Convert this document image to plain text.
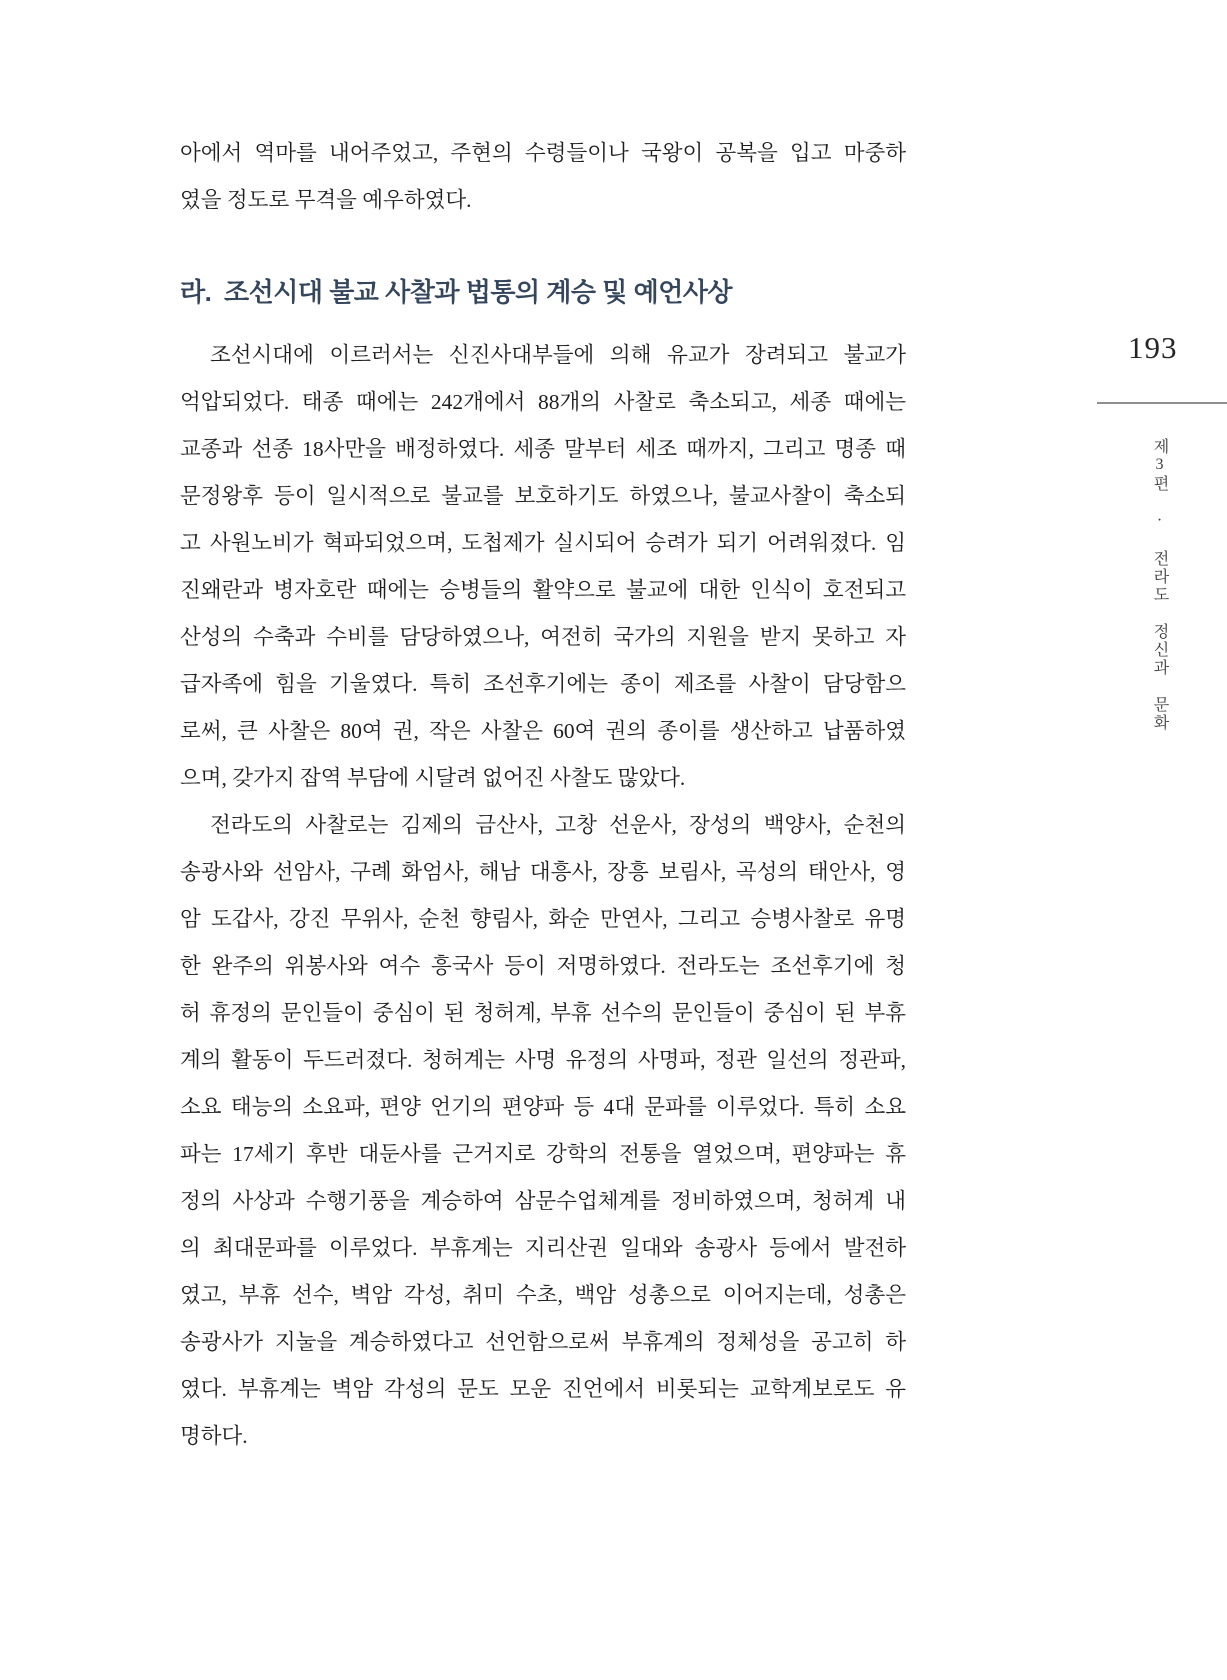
아에서 역마를 내어주었고, 주현의 수령들이나 국왕이 공복을 입고 마중하
였을 정도로 무격을 예우하였다.
라. 조선시대 불교 사찰과 법통의 계승 및 예언사상
조선시대에 이르러서는 신진사대부들에 의해 유교가 장려되고 불교가
억압되었다. 태종 때에는 242개에서 88개의 사찰로 축소되고, 세종 때에는
교종과 선종 18사만을 배정하였다. 세종 말부터 세조 때까지, 그리고 명종 때
문정왕후 등이 일시적으로 불교를 보호하기도 하였으나, 불교사찰이 축소되
고 사원노비가 혁파되었으며, 도첩제가 실시되어 승려가 되기 어려워졌다. 임
진왜란과 병자호란 때에는 승병들의 활약으로 불교에 대한 인식이 호전되고
산성의 수축과 수비를 담당하였으나, 여전히 국가의 지원을 받지 못하고 자
급자족에 힘을 기울였다. 특히 조선후기에는 종이 제조를 사찰이 담당함으
로써, 큰 사찰은 80여 권, 작은 사찰은 60여 권의 종이를 생산하고 납품하였
으며, 갖가지 잡역 부담에 시달려 없어진 사찰도 많았다.
전라도의 사찰로는 김제의 금산사, 고창 선운사, 장성의 백양사, 순천의
송광사와 선암사, 구례 화엄사, 해남 대흥사, 장흥 보림사, 곡성의 태안사, 영
암 도갑사, 강진 무위사, 순천 향림사, 화순 만연사, 그리고 승병사찰로 유명
한 완주의 위봉사와 여수 흥국사 등이 저명하였다. 전라도는 조선후기에 청
허 휴정의 문인들이 중심이 된 청허계, 부휴 선수의 문인들이 중심이 된 부휴
계의 활동이 두드러졌다. 청허계는 사명 유정의 사명파, 정관 일선의 정관파,
소요 태능의 소요파, 편양 언기의 편양파 등 4대 문파를 이루었다. 특히 소요
파는 17세기 후반 대둔사를 근거지로 강학의 전통을 열었으며, 편양파는 휴
정의 사상과 수행기풍을 계승하여 삼문수업체계를 정비하였으며, 청허계 내
의 최대문파를 이루었다. 부휴계는 지리산권 일대와 송광사 등에서 발전하
였고, 부휴 선수, 벽암 각성, 취미 수초, 백암 성총으로 이어지는데, 성총은
송광사가 지눌을 계승하였다고 선언함으로써 부휴계의 정체성을 공고히 하
였다. 부휴계는 벽암 각성의 문도 모운 진언에서 비롯되는 교학계보로도 유
명하다.
193
제3편 · 전라도 정신과 문화
